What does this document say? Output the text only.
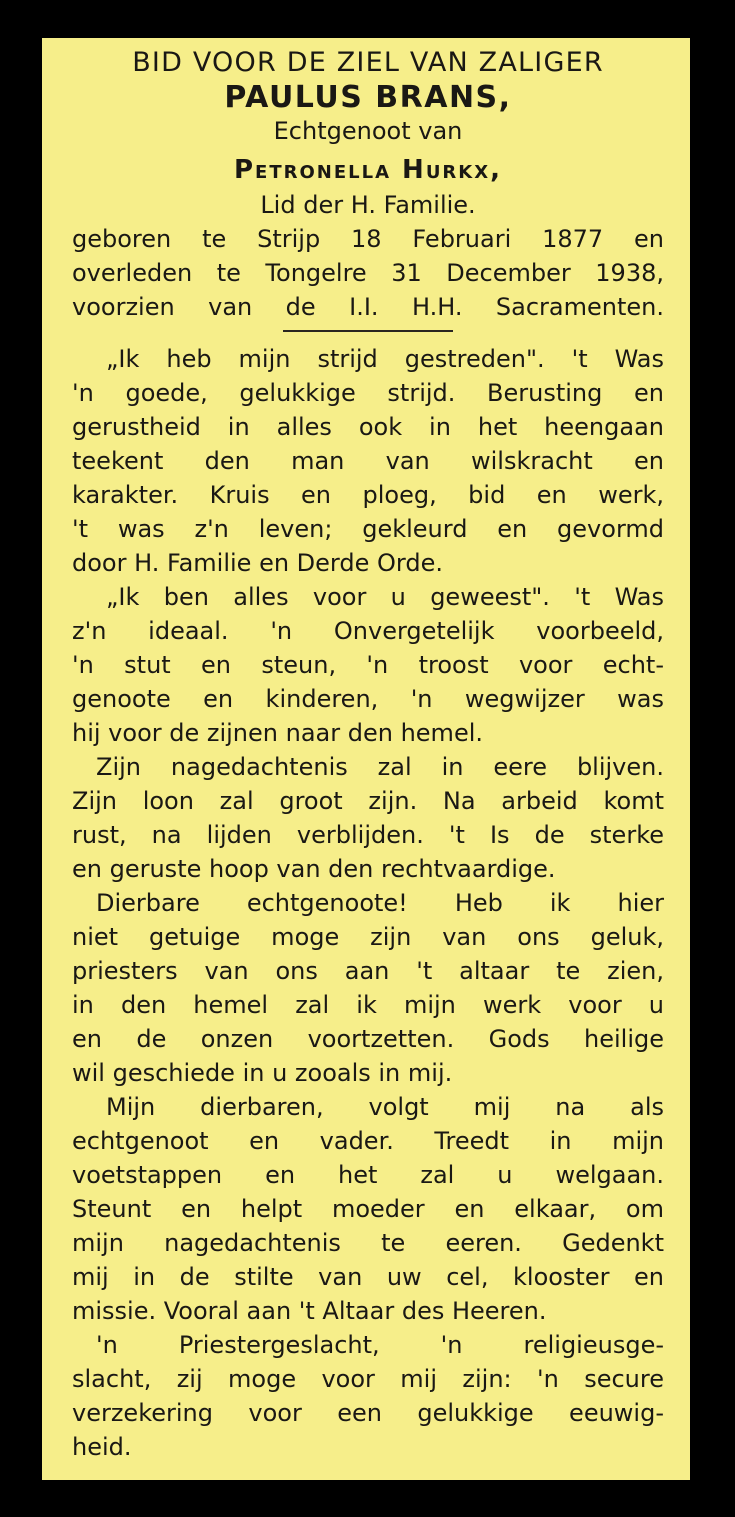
BID VOOR DE ZIEL VAN ZALIGER
PAULUS BRANS,
Echtgenoot van
Petronella Hurkx,
Lid der H. Familie.
geboren te Strijp 18 Februari 1877 en
overleden te Tongelre 31 December 1938,
voorzien van de I.I. H.H. Sacramenten.
„Ik heb mijn strijd gestreden". 't Was
'n goede, gelukkige strijd. Berusting en
gerustheid in alles ook in het heengaan
teekent den man van wilskracht en
karakter. Kruis en ploeg, bid en werk,
't was z'n leven; gekleurd en gevormd
door H. Familie en Derde Orde.
„Ik ben alles voor u geweest". 't Was
z'n ideaal. 'n Onvergetelijk voorbeeld,
'n stut en steun, 'n troost voor echt-
genoote en kinderen, 'n wegwijzer was
hij voor de zijnen naar den hemel.
Zijn nagedachtenis zal in eere blijven.
Zijn loon zal groot zijn. Na arbeid komt
rust, na lijden verblijden. 't Is de sterke
en geruste hoop van den rechtvaardige.
Dierbare echtgenoote! Heb ik hier
niet getuige moge zijn van ons geluk,
priesters van ons aan 't altaar te zien,
in den hemel zal ik mijn werk voor u
en de onzen voortzetten. Gods heilige
wil geschiede in u zooals in mij.
Mijn dierbaren, volgt mij na als
echtgenoot en vader. Treedt in mijn
voetstappen en het zal u welgaan.
Steunt en helpt moeder en elkaar, om
mijn nagedachtenis te eeren. Gedenkt
mij in de stilte van uw cel, klooster en
missie. Vooral aan 't Altaar des Heeren.
'n Priestergeslacht, 'n religieusge-
slacht, zij moge voor mij zijn: 'n secure
verzekering voor een gelukkige eeuwig-
heid.
